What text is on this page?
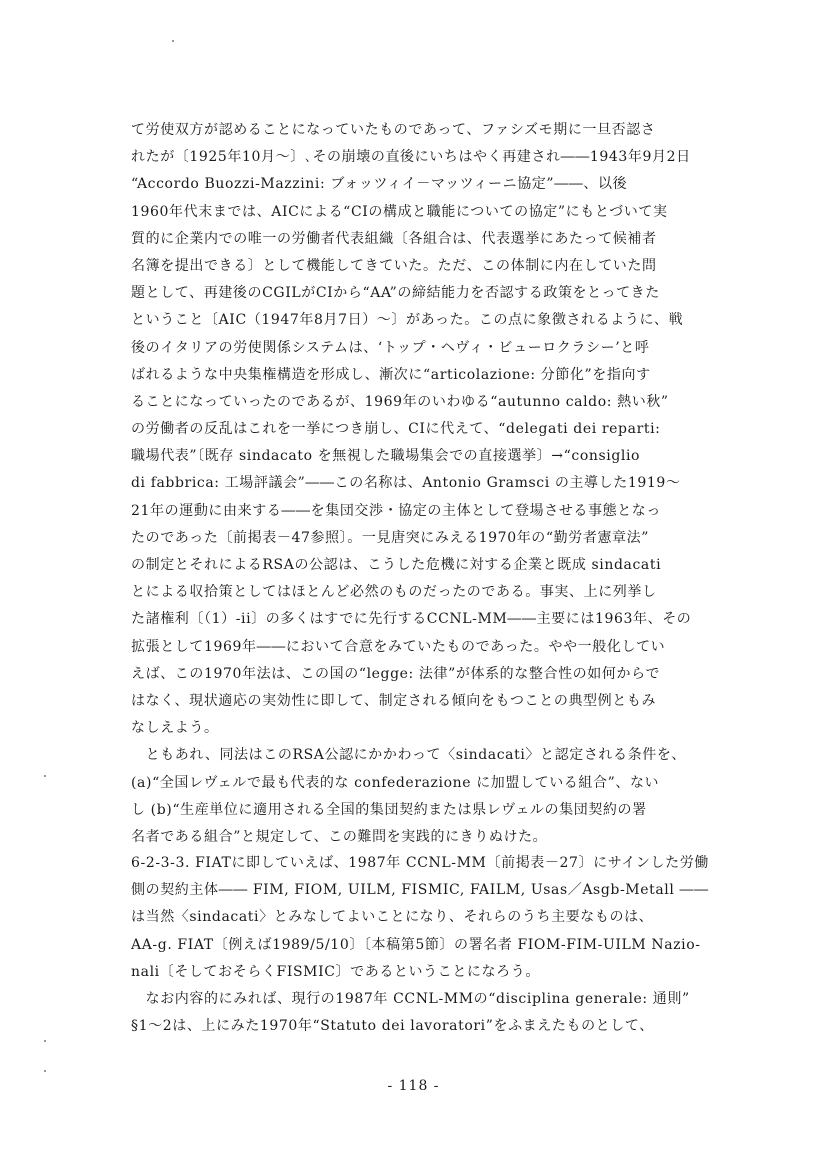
て労使双方が認めることになっていたものであって、ファシズモ期に一旦否認さ
れたが〔1925年10月～〕､その崩壊の直後にいちはやく再建され――1943年9月2日
“Accordo Buozzi-Mazzini: ブォッツィイ－マッツィーニ協定”――、以後
1960年代末までは、AICによる“CIの構成と職能についての協定”にもとづいて実
質的に企業内での唯一の労働者代表組織〔各組合は、代表選挙にあたって候補者
名簿を提出できる〕として機能してきていた。ただ、この体制に内在していた問
題として、再建後のCGILがCIから“AA”の締結能力を否認する政策をとってきた
ということ〔AIC（1947年8月7日）～〕があった。この点に象徴されるように、戦
後のイタリアの労使関係システムは、‘トップ・ヘヴィ・ビューロクラシー’と呼
ばれるような中央集権構造を形成し、漸次に“articolazione: 分節化”を指向す
ることになっていったのであるが、1969年のいわゆる“autunno caldo: 熱い秋”
の労働者の反乱はこれを一挙につき崩し、CIに代えて、“delegati dei reparti:
職場代表”〔既存 sindacato を無視した職場集会での直接選挙〕→“consiglio
di fabbrica: 工場評議会”――この名称は、Antonio Gramsci の主導した1919～
21年の運動に由来する――を集団交渉・協定の主体として登場させる事態となっ
たのであった〔前掲表－47参照〕。一見唐突にみえる1970年の“勤労者憲章法”
の制定とそれによるRSAの公認は、こうした危機に対する企業と既成 sindacati
とによる収拾策としてはほとんど必然のものだったのである。事実、上に列挙し
た諸権利〔（1）-ii〕の多くはすでに先行するCCNL-MM――主要には1963年、その
拡張として1969年――において合意をみていたものであった。やや一般化してい
えば、この1970年法は、この国の“legge: 法律”が体系的な整合性の如何からで
はなく、現状適応の実効性に即して、制定される傾向をもつことの典型例ともみ
なしえよう。
　ともあれ、同法はこのRSA公認にかかわって〈sindacati〉と認定される条件を、
(a)“全国レヴェルで最も代表的な confederazione に加盟している組合”、ない
し (b)“生産単位に適用される全国的集団契約または県レヴェルの集団契約の署
名者である組合”と規定して、この難問を実践的にきりぬけた。
6-2-3-3. FIATに即していえば、1987年 CCNL-MM〔前掲表－27〕にサインした労働
側の契約主体―― FIM, FIOM, UILM, FISMIC, FAILM, Usas／Asgb-Metall ――
は当然〈sindacati〉とみなしてよいことになり、それらのうち主要なものは、
AA-g. FIAT〔例えば1989/5/10〕〔本稿第5節〕の署名者 FIOM-FIM-UILM Nazio-
nali〔そしておそらくFISMIC〕であるということになろう。
　なお内容的にみれば、現行の1987年 CCNL-MMの“disciplina generale: 通則”
§1～2は、上にみた1970年“Statuto dei lavoratori”をふまえたものとして、
- 118 -
